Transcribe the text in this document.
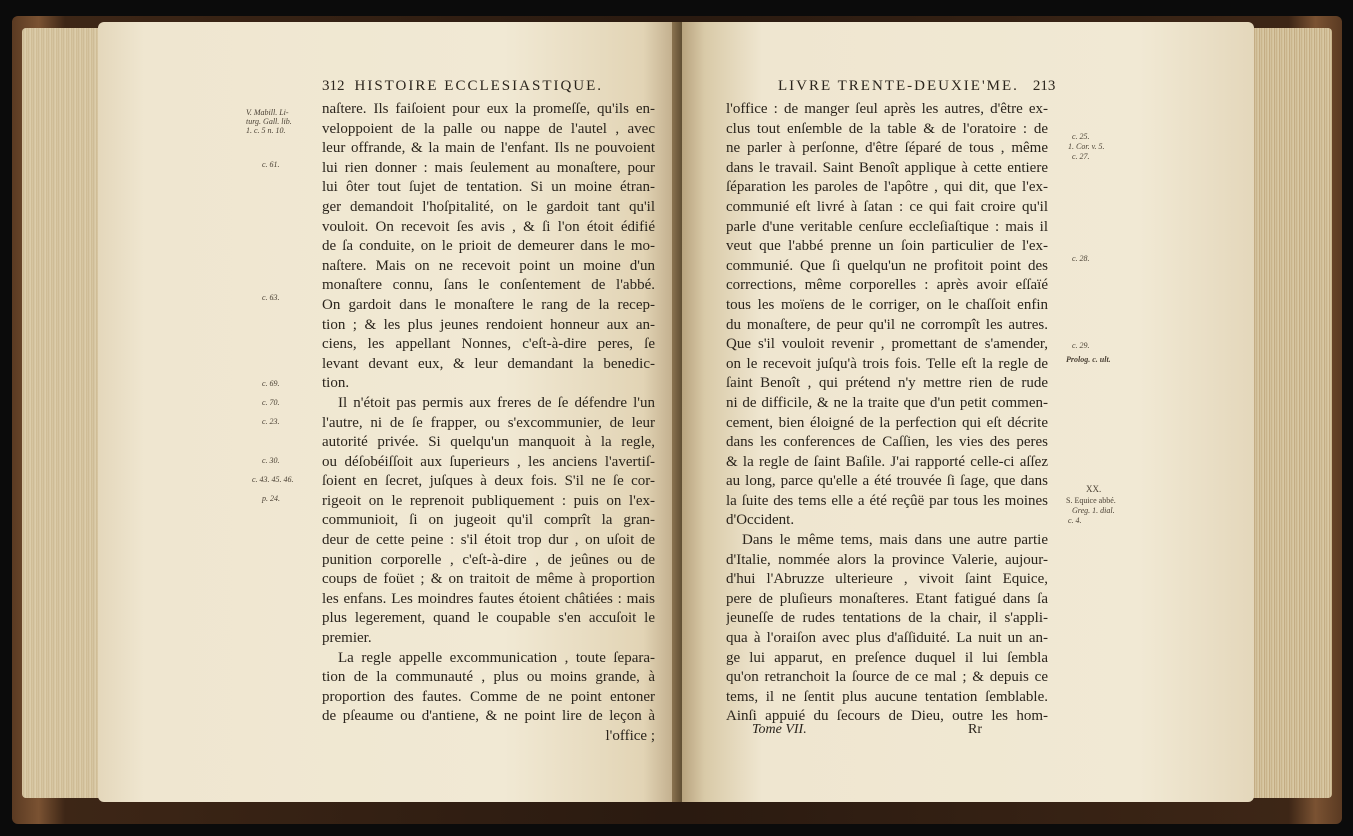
312 HISTOIRE ECCLESIASTIQUE.
V. Mabill. Li-
turg. Gall. lib.
1. c. 5 n. 10.
c. 61.
c. 63.
c. 69.
c. 70.
c. 23.
c. 30.
c. 43. 45. 46.
p. 24.
naſtere. Ils faiſoient pour eux la promeſſe, qu'ils en-
veloppoient de la palle ou nappe de l'autel , avec
leur offrande, & la main de l'enfant. Ils ne pouvoient
lui rien donner : mais ſeulement au monaſtere, pour
lui ôter tout ſujet de tentation. Si un moine étran-
ger demandoit l'hoſpitalité, on le gardoit tant qu'il
vouloit. On recevoit ſes avis , & ſi l'on étoit édifié
de ſa conduite, on le prioit de demeurer dans le mo-
naſtere. Mais on ne recevoit point un moine d'un
monaſtere connu, ſans le conſentement de l'abbé.
On gardoit dans le monaſtere le rang de la recep-
tion ; & les plus jeunes rendoient honneur aux an-
ciens, les appellant Nonnes, c'eſt-à-dire peres, ſe
levant devant eux, & leur demandant la benedic-
tion.
Il n'étoit pas permis aux freres de ſe défendre l'un
l'autre, ni de ſe frapper, ou s'excommunier, de leur
autorité privée. Si quelqu'un manquoit à la regle,
ou déſobéiſſoit aux ſuperieurs , les anciens l'avertiſ-
ſoient en ſecret, juſques à deux fois. S'il ne ſe cor-
rigeoit on le reprenoit publiquement : puis on l'ex-
communioit, ſi on jugeoit qu'il comprît la gran-
deur de cette peine : s'il étoit trop dur , on uſoit de
punition corporelle , c'eſt-à-dire , de jeûnes ou de
coups de foüet ; & on traitoit de même à proportion
les enfans. Les moindres fautes étoient châtiées : mais
plus legerement, quand le coupable s'en accuſoit le
premier.
La regle appelle excommunication , toute ſepara-
tion de la communauté , plus ou moins grande, à
proportion des fautes. Comme de ne point entoner
de pſeaume ou d'antiene, & ne point lire de leçon à
l'office ;
LIVRE TRENTE-DEUXIE'ME. 213
l'office : de manger ſeul après les autres, d'être ex-
clus tout enſemble de la table & de l'oratoire : de
ne parler à perſonne, d'être ſéparé de tous , même
dans le travail. Saint Benoît applique à cette entiere
ſéparation les paroles de l'apôtre , qui dit, que l'ex-
communié eſt livré à ſatan : ce qui fait croire qu'il
parle d'une veritable cenſure eccleſiaſtique : mais il
veut que l'abbé prenne un ſoin particulier de l'ex-
communié. Que ſi quelqu'un ne profitoit point des
corrections, même corporelles : après avoir eſſaïé
tous les moïens de le corriger, on le chaſſoit enfin
du monaſtere, de peur qu'il ne corrompît les autres.
Que s'il vouloit revenir , promettant de s'amender,
on le recevoit juſqu'à trois fois. Telle eſt la regle de
ſaint Benoît , qui prétend n'y mettre rien de rude
ni de difficile, & ne la traite que d'un petit commen-
cement, bien éloigné de la perfection qui eſt décrite
dans les conferences de Caſſien, les vies des peres
& la regle de ſaint Baſile. J'ai rapporté celle-ci aſſez
au long, parce qu'elle a été trouvée ſi ſage, que dans
la ſuite des tems elle a été reçûë par tous les moines
d'Occident.
Dans le même tems, mais dans une autre partie
d'Italie, nommée alors la province Valerie, aujour-
d'hui l'Abruzze ulterieure , vivoit ſaint Equice,
pere de pluſieurs monaſteres. Etant fatigué dans ſa
jeuneſſe de rudes tentations de la chair, il s'appli-
qua à l'oraiſon avec plus d'aſſiduité. La nuit un an-
ge lui apparut, en preſence duquel il lui ſembla
qu'on retranchoit la ſource de ce mal ; & depuis ce
tems, il ne ſentit plus aucune tentation ſemblable.
Ainſi appuié du ſecours de Dieu, outre les hom-
c. 25.
1. Cor. v. 5.
c. 27.
c. 28.
c. 29.
Prolog. c. ult.
XX.
S. Equice abbé.
Greg. 1. dial.
c. 4.
Tome VII.	Rr
